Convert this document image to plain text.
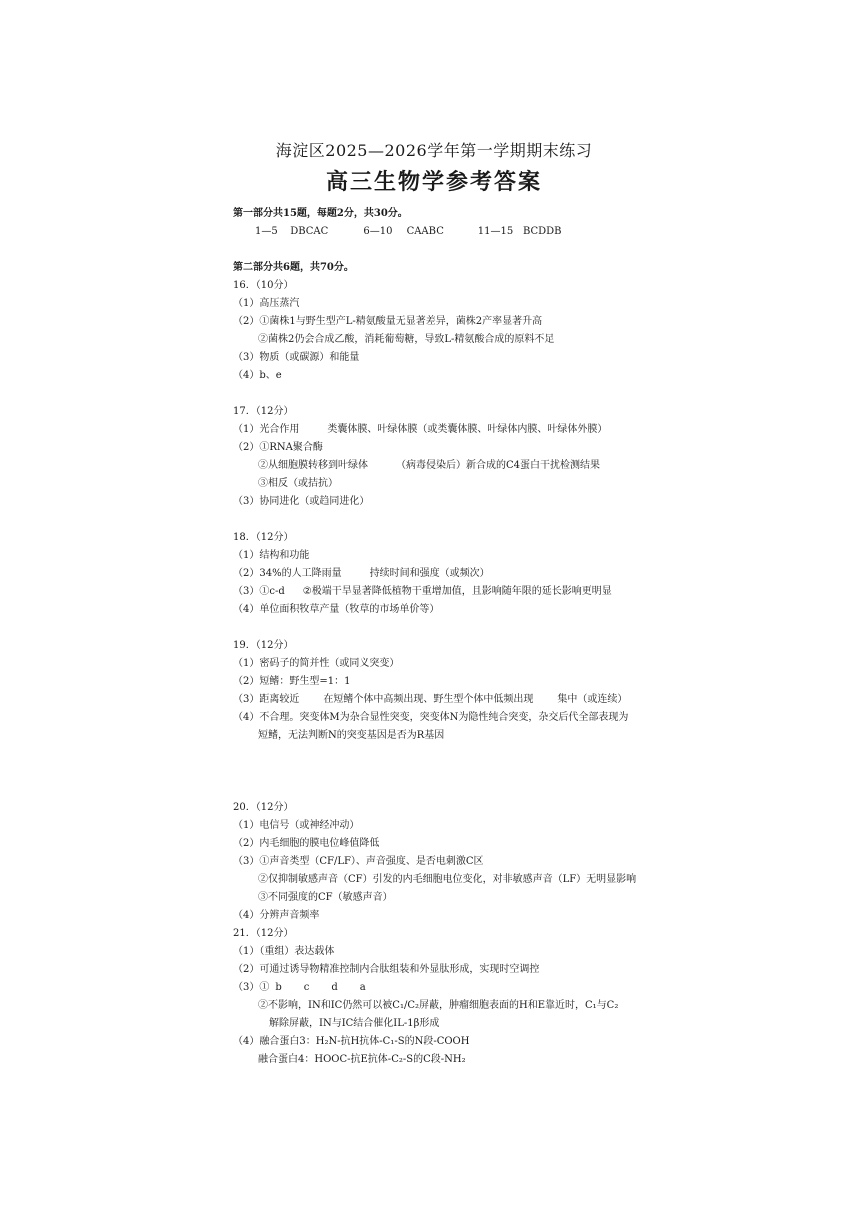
海淀区2025—2026学年第一学期期末练习
高三生物学参考答案
第一部分共15题，每题2分，共30分。
1—5 DBCAC	6—10 CAABC	11—15 BCDDB
第二部分共6题，共70分。
16．（10分）
（1）高压蒸汽
（2）①菌株1与野生型产L-精氨酸量无显著差异，菌株2产率显著升高
②菌株2仍会合成乙酸，消耗葡萄糖，导致L-精氨酸合成的原料不足
（3）物质（或碳源）和能量
（4）b、e
17．（12分）
（1）光合作用	类囊体膜、叶绿体膜（或类囊体膜、叶绿体内膜、叶绿体外膜）
（2）①RNA聚合酶
②从细胞膜转移到叶绿体	（病毒侵染后）新合成的C4蛋白干扰检测结果
③相反（或拮抗）
（3）协同进化（或趋同进化）
18．（12分）
（1）结构和功能
（2）34%的人工降雨量	持续时间和强度（或频次）
（3）①c-d ②极端干旱显著降低植物干重增加值，且影响随年限的延长影响更明显
（4）单位面积牧草产量（牧草的市场单价等）
19．（12分）
（1）密码子的简并性（或同义突变）
（2）短鳍：野生型=1：1
（3）距离较近 在短鳍个体中高频出现、野生型个体中低频出现 集中（或连续）
（4）不合理。突变体M为杂合显性突变，突变体N为隐性纯合突变，杂交后代全部表现为
短鳍，无法判断N的突变基因是否为R基因
20．（12分）
（1）电信号（或神经冲动）
（2）内毛细胞的膜电位峰值降低
（3）①声音类型（CF/LF）、声音强度、是否电刺激C区
②仅抑制敏感声音（CF）引发的内毛细胞电位变化，对非敏感声音（LF）无明显影响
③不同强度的CF（敏感声音）
（4）分辨声音频率
21．（12分）
（1）（重组）表达载体
（2）可通过诱导物精准控制内合肽组装和外显肽形成，实现时空调控
（3）① b c d a
②不影响，IN和IC仍然可以被C₁/C₂屏蔽，肿瘤细胞表面的H和E靠近时，C₁与C₂
解除屏蔽，IN与IC结合催化IL-1β形成
（4）融合蛋白3：H₂N-抗H抗体-C₁-S的N段-COOH
融合蛋白4：HOOC-抗E抗体-C₂-S的C段-NH₂
